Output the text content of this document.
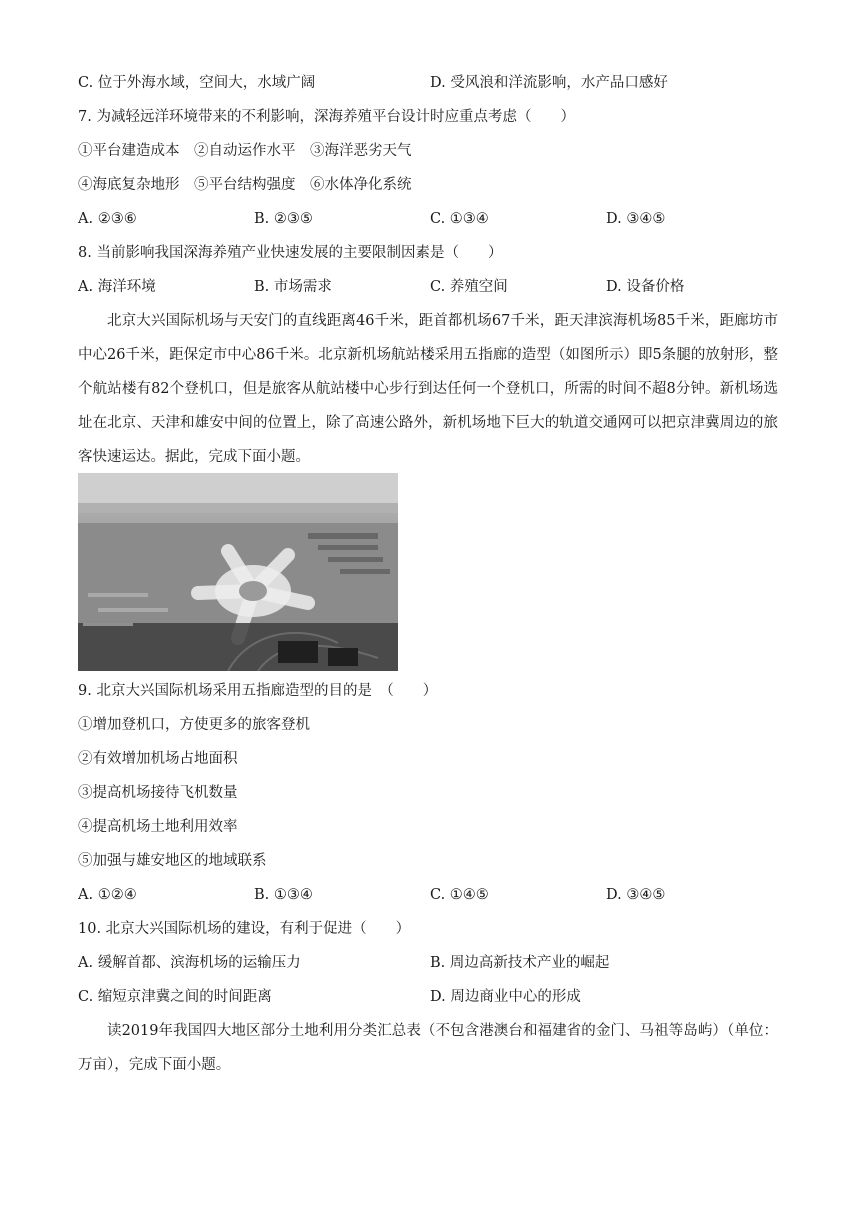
C. 位于外海水域，空间大，水域广阔	D. 受风浪和洋流影响，水产品口感好
7. 为减轻远洋环境带来的不利影响，深海养殖平台设计时应重点考虑（　　）
①平台建造成本　②自动运作水平　③海洋恶劣天气
④海底复杂地形　⑤平台结构强度　⑥水体净化系统
A. ②③⑥	B. ②③⑤	C. ①③④	D. ③④⑤
8. 当前影响我国深海养殖产业快速发展的主要限制因素是（　　）
A. 海洋环境	B. 市场需求	C. 养殖空间	D. 设备价格
北京大兴国际机场与天安门的直线距离46千米，距首都机场67千米，距天津滨海机场85千米，距廊坊市中心26千米，距保定市中心86千米。北京新机场航站楼采用五指廊的造型（如图所示）即5条腿的放射形，整个航站楼有82个登机口，但是旅客从航站楼中心步行到达任何一个登机口，所需的时间不超8分钟。新机场选址在北京、天津和雄安中间的位置上，除了高速公路外，新机场地下巨大的轨道交通网可以把京津冀周边的旅客快速运达。据此，完成下面小题。
9. 北京大兴国际机场采用五指廊造型的目的是　（　　）
①增加登机口，方使更多的旅客登机
②有效增加机场占地面积
③提高机场接待飞机数量
④提高机场土地利用效率
⑤加强与雄安地区的地域联系
A. ①②④	B. ①③④	C. ①④⑤	D. ③④⑤
10. 北京大兴国际机场的建设，有利于促进（　　）
A. 缓解首都、滨海机场的运输压力	B. 周边高新技术产业的崛起
C. 缩短京津冀之间的时间距离	D. 周边商业中心的形成
读2019年我国四大地区部分土地利用分类汇总表（不包含港澳台和福建省的金门、马祖等岛屿）（单位：万亩），完成下面小题。
